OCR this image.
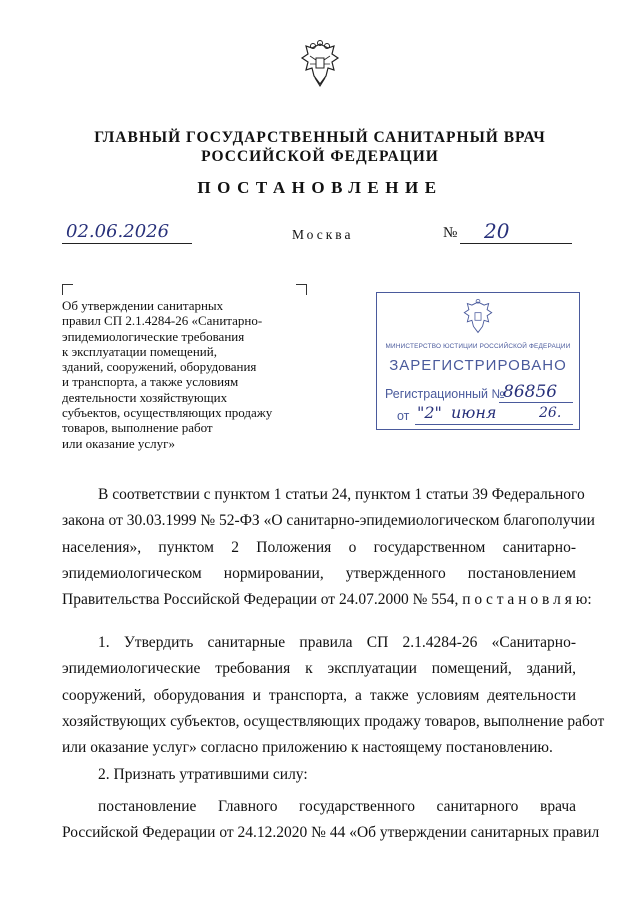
ГЛАВНЫЙ ГОСУДАРСТВЕННЫЙ САНИТАРНЫЙ ВРАЧ
РОССИЙСКОЙ ФЕДЕРАЦИИ
ПОСТАНОВЛЕНИЕ
02.06.2026	Москва	№ 20
Об утверждении санитарных
правил СП 2.1.4284-26 «Санитарно-
эпидемиологические требования
к эксплуатации помещений,
зданий, сооружений, оборудования
и транспорта, а также условиям
деятельности хозяйствующих
субъектов, осуществляющих продажу
товаров, выполнение работ
или оказание услуг»
МИНИСТЕРСТВО ЮСТИЦИИ РОССИЙСКОЙ ФЕДЕРАЦИИ
ЗАРЕГИСТРИРОВАНО
Регистрационный №
86856
от "2" июня	26.
В соответствии с пунктом 1 статьи 24, пунктом 1 статьи 39 Федерального
закона от 30.03.1999 № 52-ФЗ «О санитарно-эпидемиологическом благополучии
населения», пунктом 2 Положения о государственном санитарно-
эпидемиологическом нормировании, утвержденного постановлением
Правительства Российской Федерации от 24.07.2000 № 554, п о с т а н о в л я ю:
1. Утвердить санитарные правила СП 2.1.4284-26 «Санитарно-
эпидемиологические требования к эксплуатации помещений, зданий,
сооружений, оборудования и транспорта, а также условиям деятельности
хозяйствующих субъектов, осуществляющих продажу товаров, выполнение работ
или оказание услуг» согласно приложению к настоящему постановлению.
2. Признать утратившими силу:
постановление Главного государственного санитарного врача
Российской Федерации от 24.12.2020 № 44 «Об утверждении санитарных правил
